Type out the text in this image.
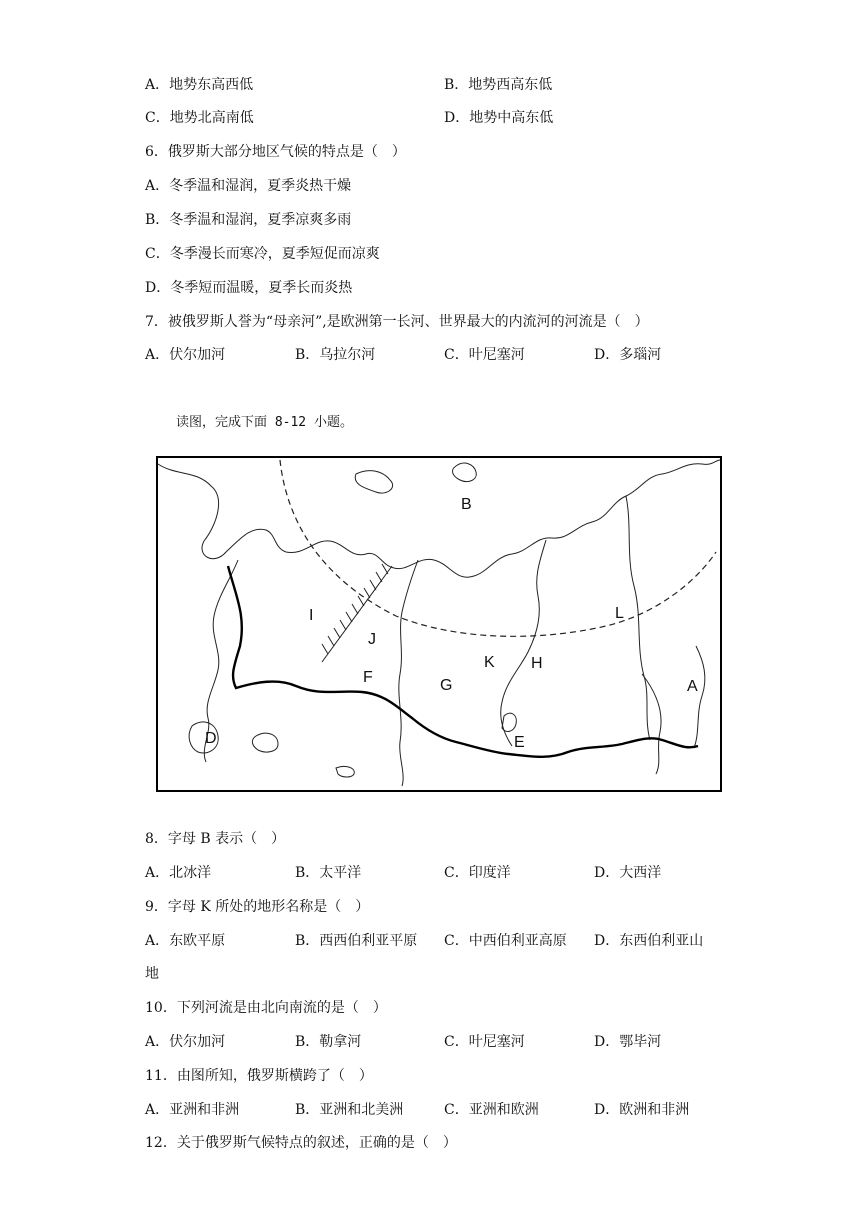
A．地势东高西低	B．地势西高东低
C．地势北高南低	D．地势中高东低
6．俄罗斯大部分地区气候的特点是（　）
A．冬季温和湿润，夏季炎热干燥
B．冬季温和湿润，夏季凉爽多雨
C．冬季漫长而寒冷，夏季短促而凉爽
D．冬季短而温暖，夏季长而炎热
7．被俄罗斯人誉为“母亲河”,是欧洲第一长河、世界最大的内流河的河流是（　）
A．伏尔加河	B．乌拉尔河	C．叶尼塞河	D．多瑙河
读图，完成下面 8-12 小题。
B
I
J
F	G
K H
L
A
D	E
8．字母 B 表示（　）
A．北冰洋	B．太平洋	C．印度洋	D．大西洋
9．字母 K 所处的地形名称是（　）
A．东欧平原	B．西西伯利亚平原 C．中西伯利亚高原 D．东西伯利亚山
地
10．下列河流是由北向南流的是（　）
A．伏尔加河	B．勒拿河	C．叶尼塞河	D．鄂毕河
11．由图所知，俄罗斯横跨了（　）
A．亚洲和非洲	B．亚洲和北美洲	C．亚洲和欧洲	D．欧洲和非洲
12．关于俄罗斯气候特点的叙述，正确的是（　）
